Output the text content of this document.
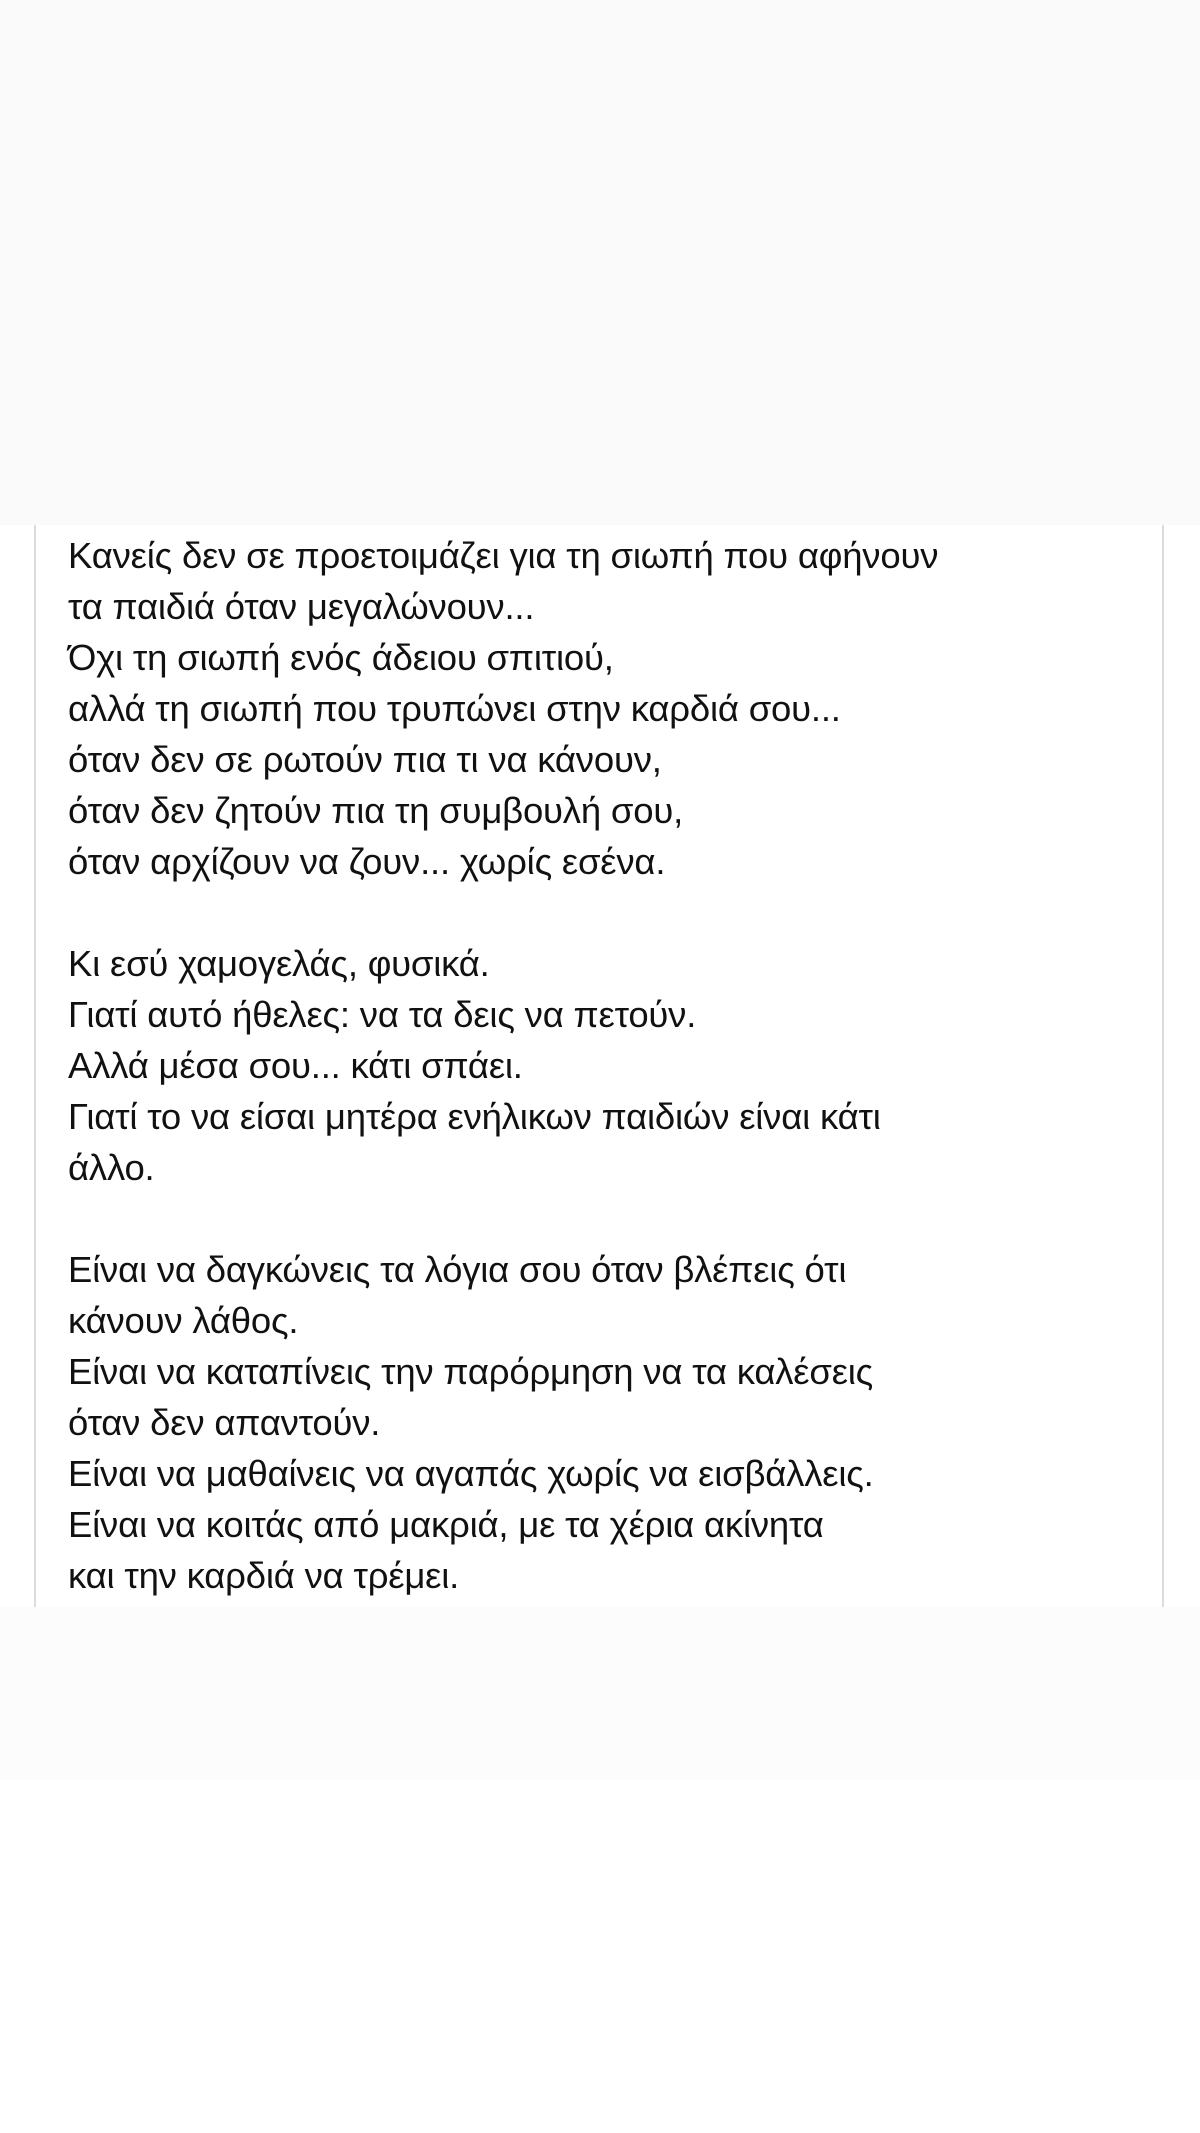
Κανείς δεν σε προετοιμάζει για τη σιωπή που αφήνουν
τα παιδιά όταν μεγαλώνουν...
Όχι τη σιωπή ενός άδειου σπιτιού,
αλλά τη σιωπή που τρυπώνει στην καρδιά σου...
όταν δεν σε ρωτούν πια τι να κάνουν,
όταν δεν ζητούν πια τη συμβουλή σου,
όταν αρχίζουν να ζουν... χωρίς εσένα.

Κι εσύ χαμογελάς, φυσικά.
Γιατί αυτό ήθελες: να τα δεις να πετούν.
Αλλά μέσα σου... κάτι σπάει.
Γιατί το να είσαι μητέρα ενήλικων παιδιών είναι κάτι
άλλο.

Είναι να δαγκώνεις τα λόγια σου όταν βλέπεις ότι
κάνουν λάθος.
Είναι να καταπίνεις την παρόρμηση να τα καλέσεις
όταν δεν απαντούν.
Είναι να μαθαίνεις να αγαπάς χωρίς να εισβάλλεις.
Είναι να κοιτάς από μακριά, με τα χέρια ακίνητα
και την καρδιά να τρέμει.
